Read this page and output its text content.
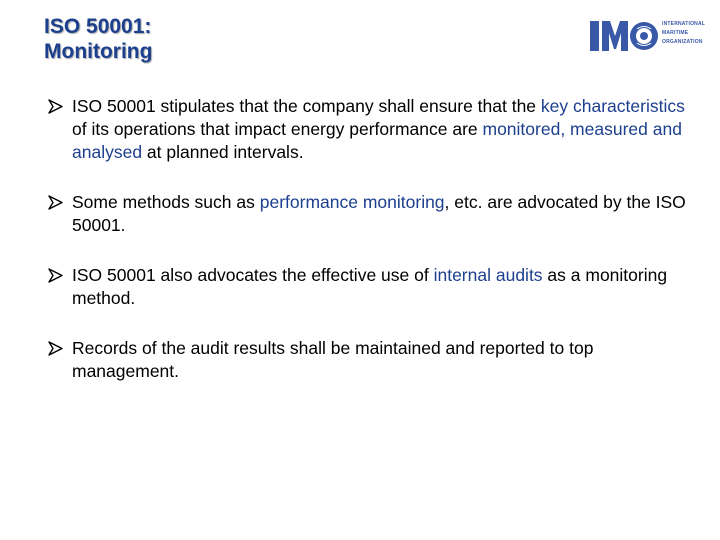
ISO 50001:
Monitoring
INTERNATIONAL
MARITIME
ORGANIZATION
ISO 50001 stipulates that the company shall ensure that the key characteristics of its operations that impact energy performance are monitored, measured and analysed at planned intervals.
Some methods such as performance monitoring, etc. are advocated by the ISO 50001.
ISO 50001 also advocates the effective use of internal audits as a monitoring method.
Records of the audit results shall be maintained and reported to top management.
